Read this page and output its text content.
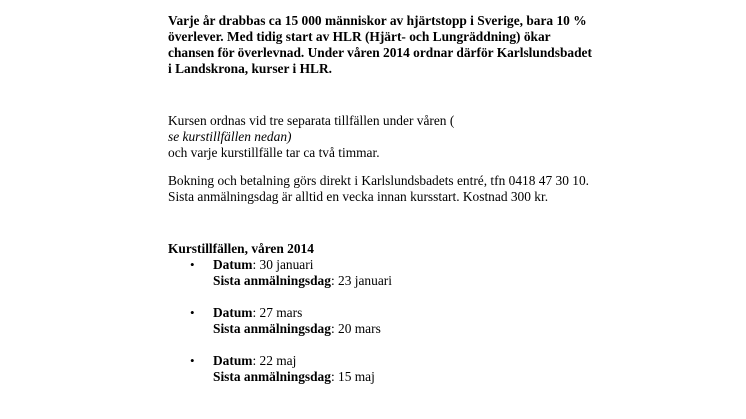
Varje år drabbas ca 15 000 människor av hjärtstopp i Sverige, bara 10 %
överlever. Med tidig start av HLR (Hjärt- och Lungräddning) ökar
chansen för överlevnad. Under våren 2014 ordnar därför Karlslundsbadet
i Landskrona, kurser i HLR.

Kursen ordnas vid tre separata tillfällen under våren (
se kurstillfällen nedan)
och varje kurstillfälle tar ca två timmar.

Bokning och betalning görs direkt i Karlslundsbadets entré, tfn 0418 47 30 10.
Sista anmälningsdag är alltid en vecka innan kursstart. Kostnad 300 kr.

Kurstillfällen, våren 2014

• Datum: 30 januari
Sista anmälningsdag: 23 januari
• Datum: 27 mars
Sista anmälningsdag: 20 mars
• Datum: 22 maj
Sista anmälningsdag: 15 maj
